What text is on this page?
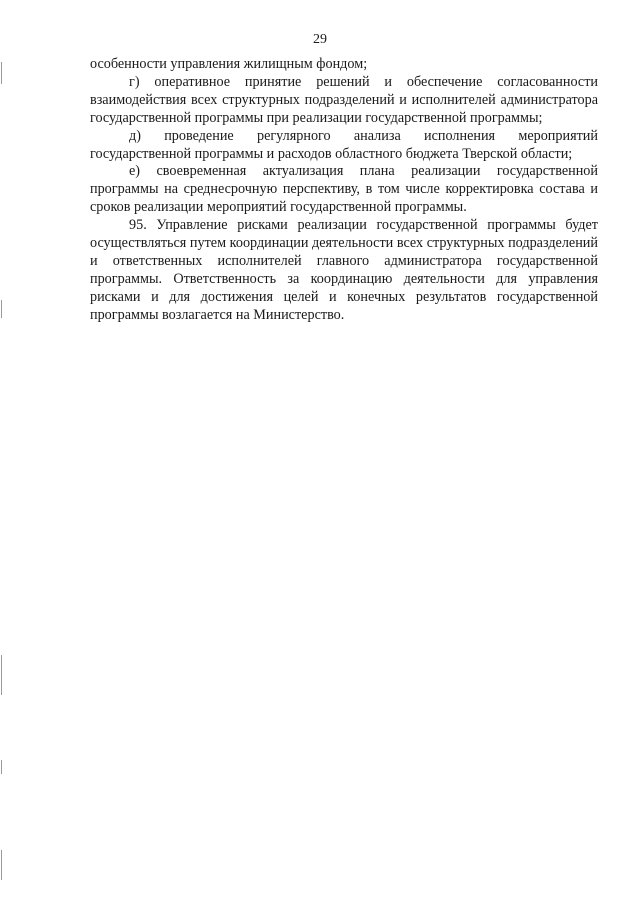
29

особенности управления жилищным фондом;

г) оперативное принятие решений и обеспечение согласованности взаимодействия всех структурных подразделений и исполнителей администратора государственной программы при реализации государственной программы;

д) проведение регулярного анализа исполнения мероприятий государственной программы и расходов областного бюджета Тверской области;

е) своевременная актуализация плана реализации государственной программы на среднесрочную перспективу, в том числе корректировка состава и сроков реализации мероприятий государственной программы.

95. Управление рисками реализации государственной программы будет осуществляться путем координации деятельности всех структурных подразделений и ответственных исполнителей главного администратора государственной программы. Ответственность за координацию деятельности для управления рисками и для достижения целей и конечных результатов государственной программы возлагается на Министерство.
